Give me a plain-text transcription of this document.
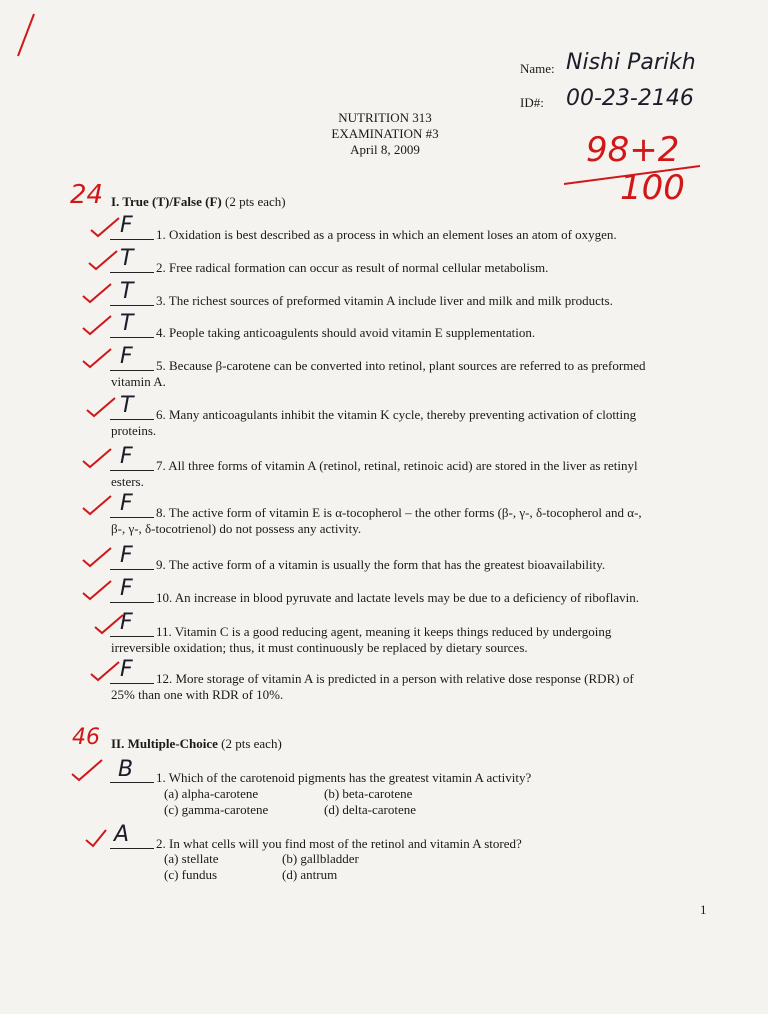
Name: Nishi Parikh
ID#: 00-23-2146
NUTRITION 313
EXAMINATION #3
April 8, 2009	98+2
100
24 I. True (T)/False (F) (2 pts each)
F 1. Oxidation is best described as a process in which an element loses an atom of oxygen.
T 2. Free radical formation can occur as result of normal cellular metabolism.
T 3. The richest sources of preformed vitamin A include liver and milk and milk products.
T 4. People taking anticoagulents should avoid vitamin E supplementation.
F 5. Because β-carotene can be converted into retinol, plant sources are referred to as preformed
vitamin A.
T 6. Many anticoagulants inhibit the vitamin K cycle, thereby preventing activation of clotting
proteins.
F 7. All three forms of vitamin A (retinol, retinal, retinoic acid) are stored in the liver as retinyl
esters.
F 8. The active form of vitamin E is α-tocopherol – the other forms (β-, γ-, δ-tocopherol and α-,
β-, γ-, δ-tocotrienol) do not possess any activity.
F 9. The active form of a vitamin is usually the form that has the greatest bioavailability.
F 10. An increase in blood pyruvate and lactate levels may be due to a deficiency of riboflavin.
F 11. Vitamin C is a good reducing agent, meaning it keeps things reduced by undergoing
irreversible oxidation; thus, it must continuously be replaced by dietary sources.
F 12. More storage of vitamin A is predicted in a person with relative dose response (RDR) of
25% than one with RDR of 10%.
46 II. Multiple-Choice (2 pts each)
B 1. Which of the carotenoid pigments has the greatest vitamin A activity?
(a) alpha-carotene	(b) beta-carotene
(c) gamma-carotene	(d) delta-carotene
A 2. In what cells will you find most of the retinol and vitamin A stored?
(a) stellate	(b) gallbladder
(c) fundus	(d) antrum
1
